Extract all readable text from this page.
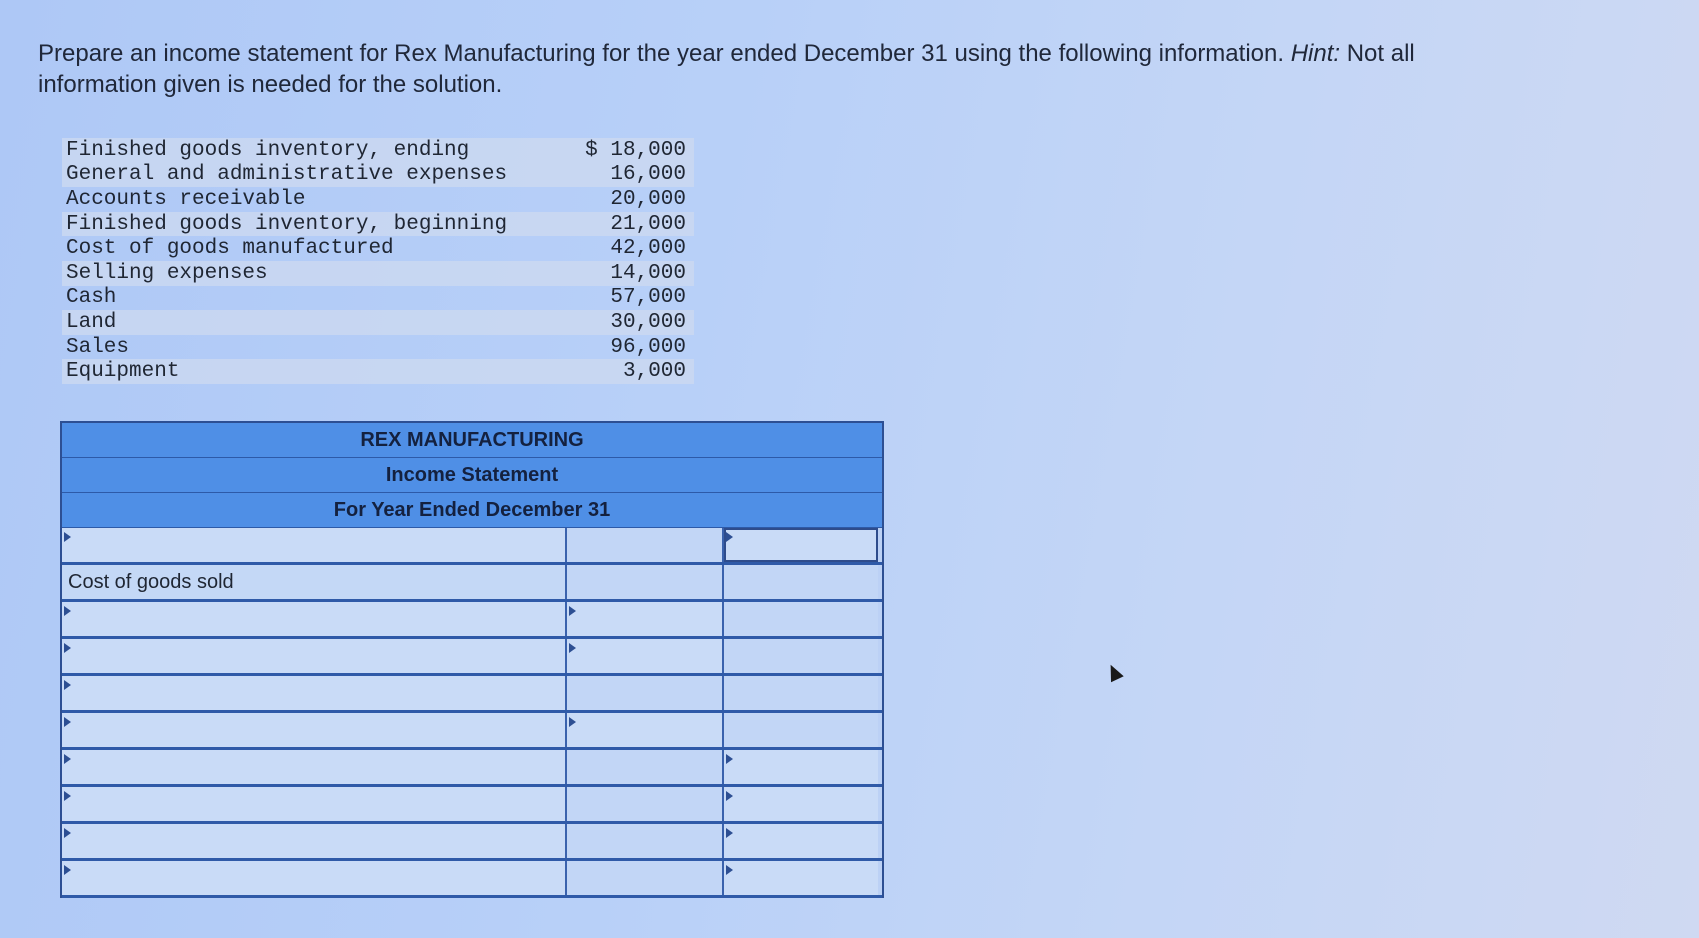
Prepare an income statement for Rex Manufacturing for the year ended December 31 using the following information. Hint: Not all information given is needed for the solution.
Finished goods inventory, ending	$ 18,000
General and administrative expenses	16,000
Accounts receivable	20,000
Finished goods inventory, beginning	21,000
Cost of goods manufactured	42,000
Selling expenses	14,000
Cash	57,000
Land	30,000
Sales	96,000
Equipment	3,000
REX MANUFACTURING
Income Statement
For Year Ended December 31
Cost of goods sold
